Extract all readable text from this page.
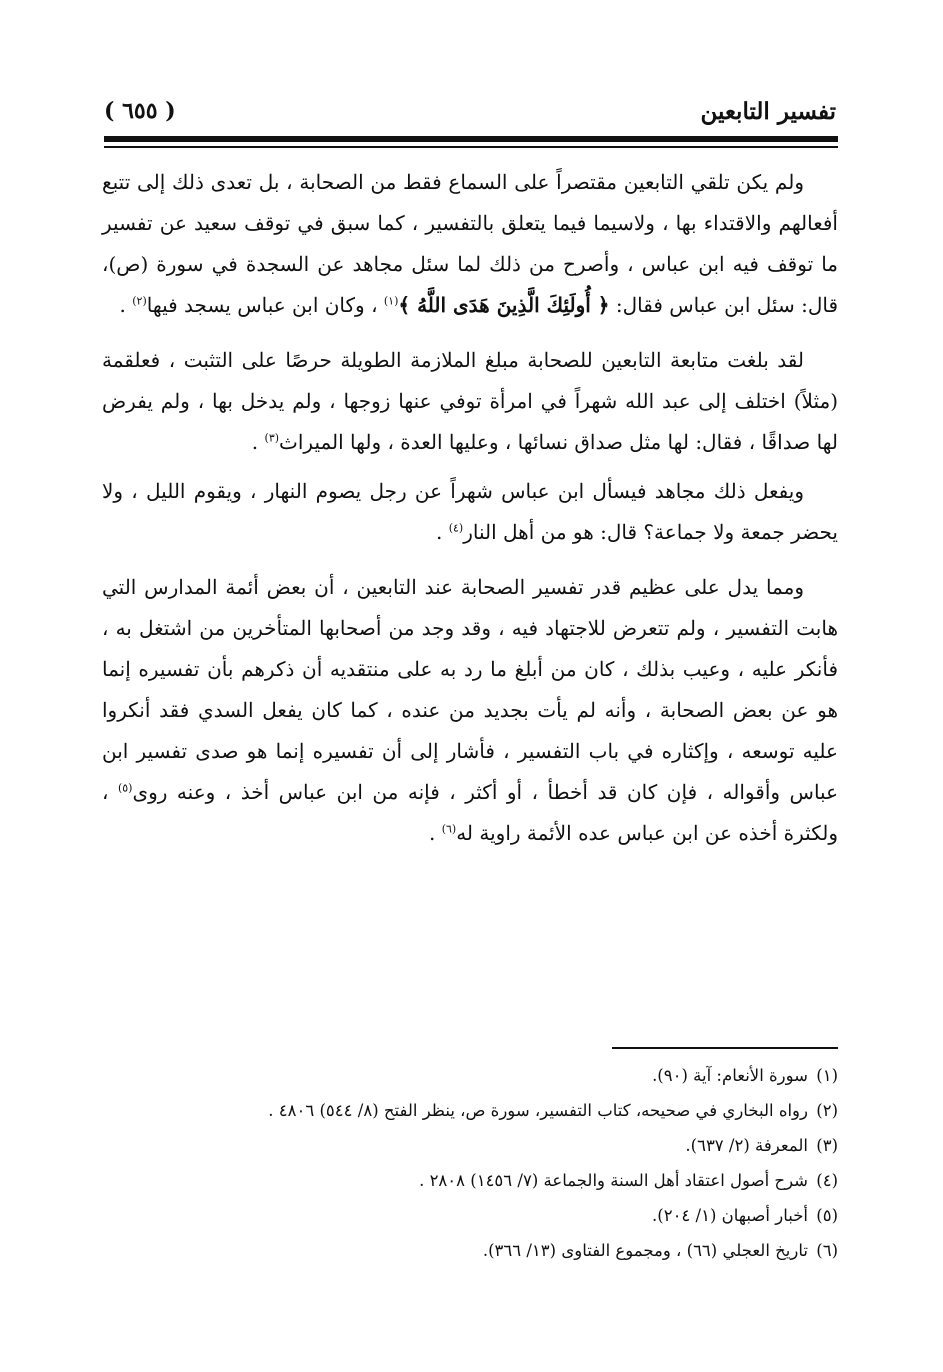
تفسير التابعين
( ٦٥٥ )

ولم يكن تلقي التابعين مقتصراً على السماع فقط من الصحابة ، بل تعدى ذلك إلى تتبع أفعالهم والاقتداء بها ، ولاسيما فيما يتعلق بالتفسير ، كما سبق في توقف سعيد عن تفسير ما توقف فيه ابن عباس ، وأصرح من ذلك لما سئل مجاهد عن السجدة في سورة (ص)، قال: سئل ابن عباس فقال: ﴿ أُولَئِكَ الَّذِينَ هَدَى اللَّهُ ﴾$^{(١)}$ ، وكان ابن عباس يسجد فيها$^{(٢)}$ .

لقد بلغت متابعة التابعين للصحابة مبلغ الملازمة الطويلة حرصًا على التثبت ، فعلقمة (مثلاً) اختلف إلى عبد الله شهراً في امرأة توفي عنها زوجها ، ولم يدخل بها ، ولم يفرض لها صداقًا ، فقال: لها مثل صداق نسائها ، وعليها العدة ، ولها الميراث$^{(٣)}$ .

ويفعل ذلك مجاهد فيسأل ابن عباس شهراً عن رجل يصوم النهار ، ويقوم الليل ، ولا يحضر جمعة ولا جماعة؟ قال: هو من أهل النار$^{(٤)}$ .

ومما يدل على عظيم قدر تفسير الصحابة عند التابعين ، أن بعض أئمة المدارس التي هابت التفسير ، ولم تتعرض للاجتهاد فيه ، وقد وجد من أصحابها المتأخرين من اشتغل به ، فأنكر عليه ، وعيب بذلك ، كان من أبلغ ما رد به على منتقديه أن ذكرهم بأن تفسيره إنما هو عن بعض الصحابة ، وأنه لم يأت بجديد من عنده ، كما كان يفعل السدي فقد أنكروا عليه توسعه ، وإكثاره في باب التفسير ، فأشار إلى أن تفسيره إنما هو صدى تفسير ابن عباس وأقواله ، فإن كان قد أخطأ ، أو أكثر ، فإنه من ابن عباس أخذ ، وعنه روى$^{(٥)}$ ، ولكثرة أخذه عن ابن عباس عده الأئمة راوية له$^{(٦)}$ .

(١)سورة الأنعام: آية (٩٠).
(٢)رواه البخاري في صحيحه، كتاب التفسير، سورة ص، ينظر الفتح (٨/ ٥٤٤) ٤٨٠٦ .
(٣)المعرفة (٢/ ٦٣٧).
(٤)شرح أصول اعتقاد أهل السنة والجماعة (٧/ ١٤٥٦) ٢٨٠٨ .
(٥)أخبار أصبهان (١/ ٢٠٤).
(٦)تاريخ العجلي (٦٦) ، ومجموع الفتاوى (١٣/ ٣٦٦).
